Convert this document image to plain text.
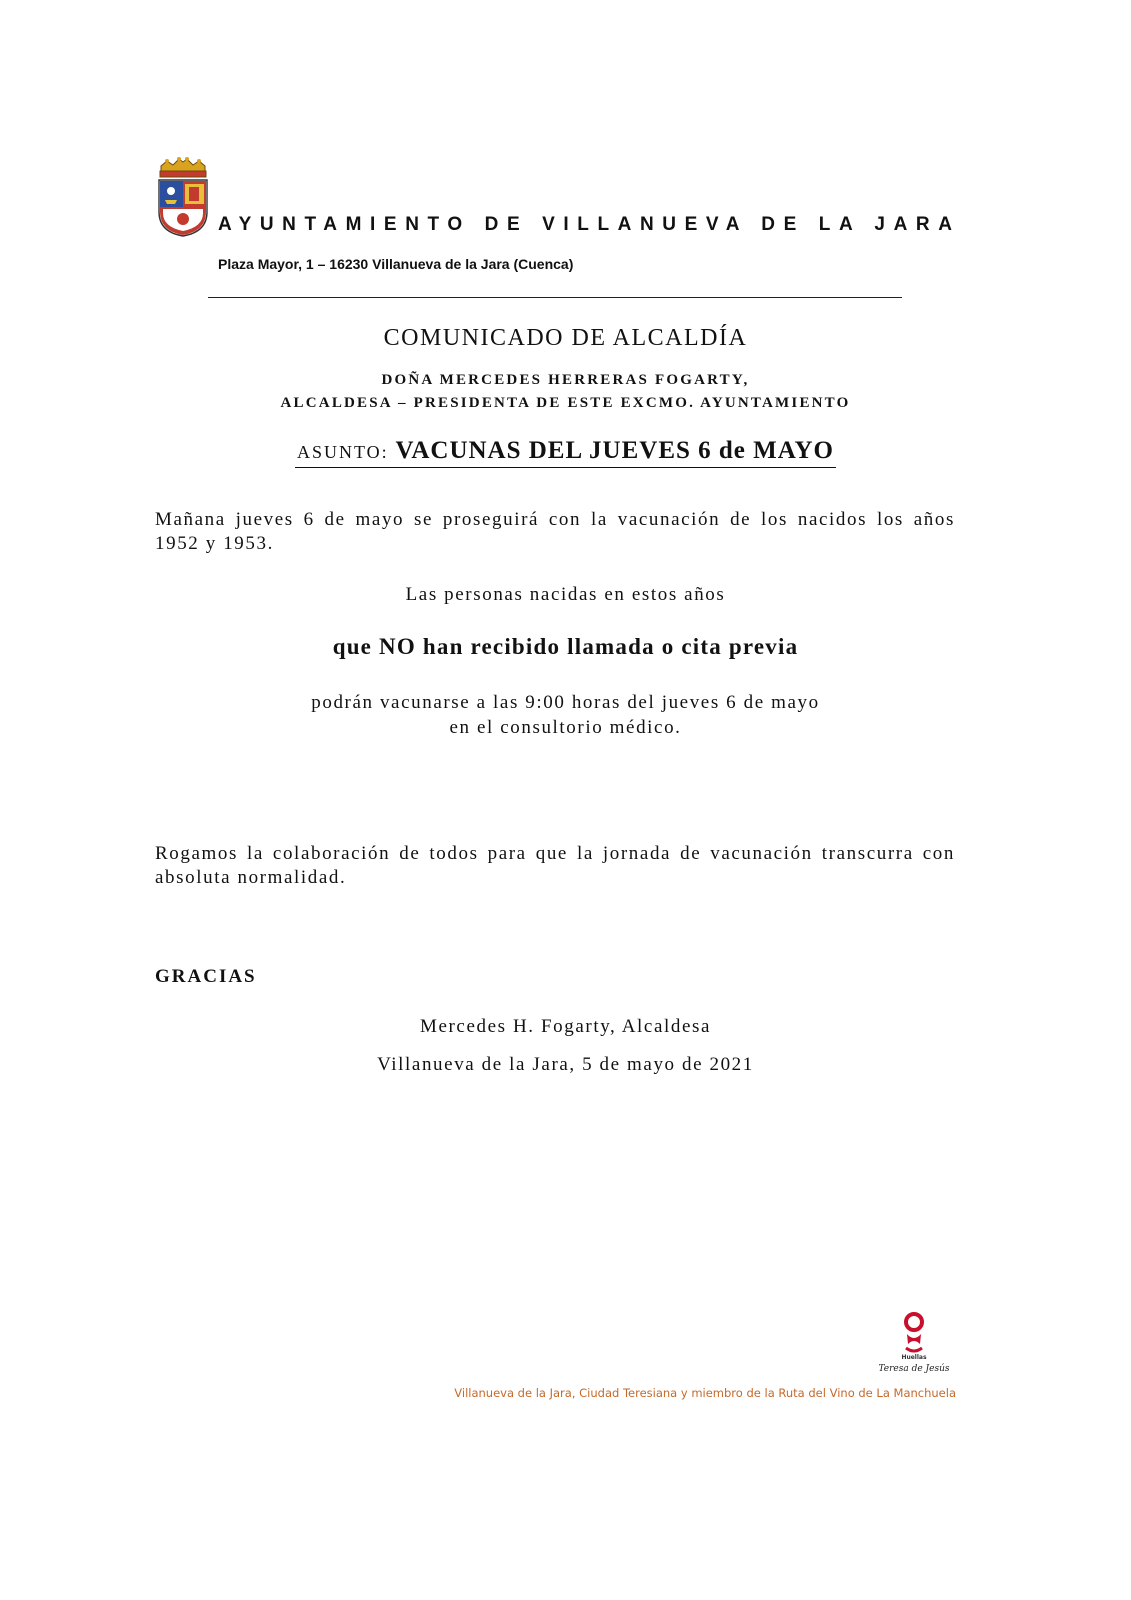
AYUNTAMIENTO DE VILLANUEVA DE LA JARA
Plaza Mayor, 1 – 16230 Villanueva de la Jara (Cuenca)
COMUNICADO DE ALCALDÍA
DOÑA MERCEDES HERRERAS FOGARTY,
ALCALDESA – PRESIDENTA DE ESTE EXCMO. AYUNTAMIENTO
ASUNTO: VACUNAS DEL JUEVES 6 de MAYO
Mañana jueves 6 de mayo se proseguirá con la vacunación de los nacidos los años 1952 y 1953.
Las personas nacidas en estos años
que NO han recibido llamada o cita previa
podrán vacunarse a las 9:00 horas del jueves 6 de mayo
en el consultorio médico.
Rogamos la colaboración de todos para que la jornada de vacunación transcurra con absoluta normalidad.
GRACIAS
Mercedes H. Fogarty, Alcaldesa
Villanueva de la Jara, 5 de mayo de 2021
Huellas
Teresa de Jesús
Villanueva de la Jara, Ciudad Teresiana y miembro de la Ruta del Vino de La Manchuela
